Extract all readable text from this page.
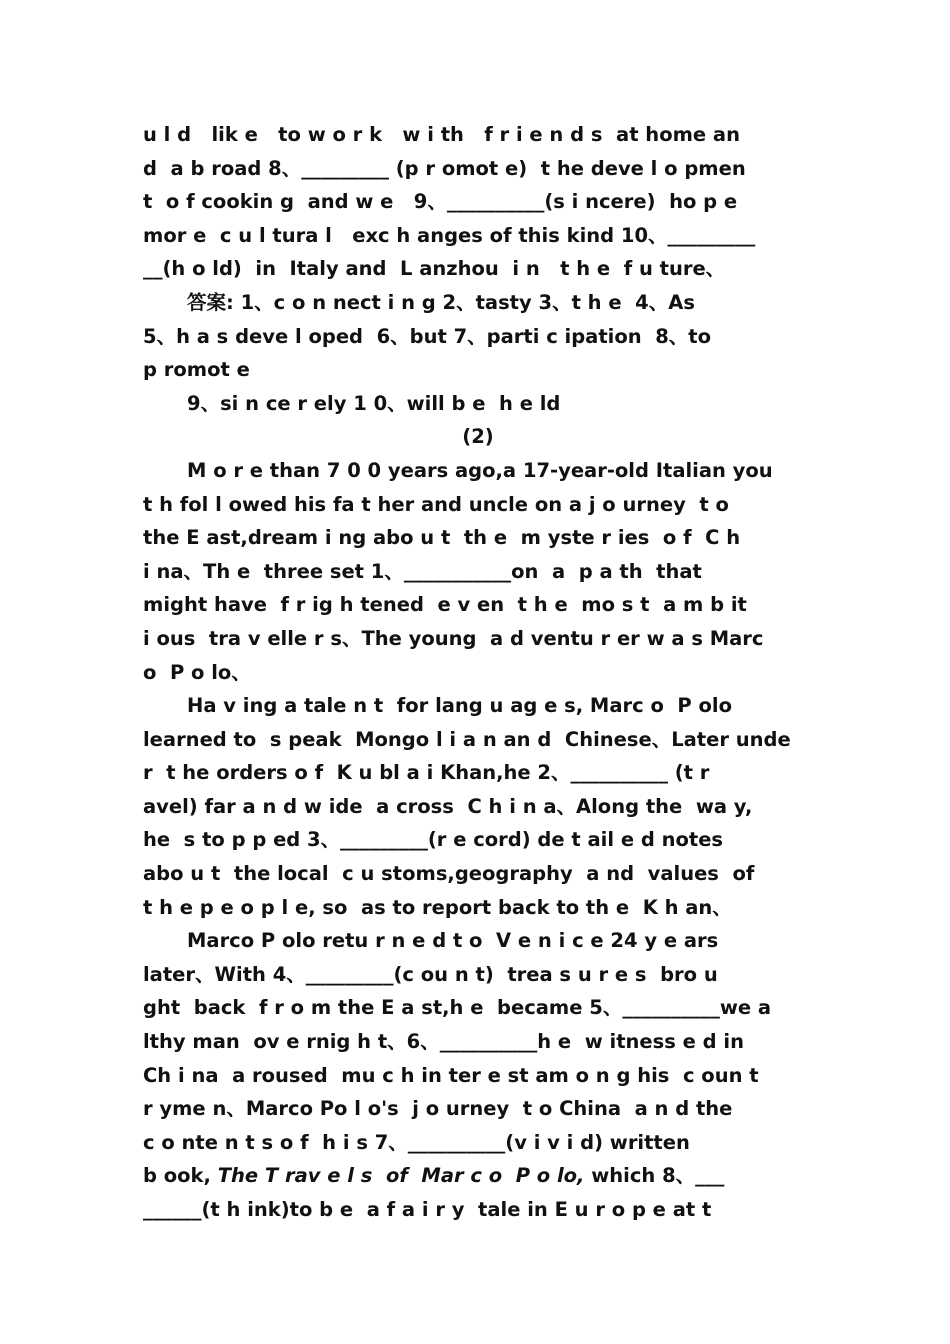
u l d   lik e   to w o r k   w i th   f r i e n d s  at home an
d  a b road 8、_________ (p r omot e)  t he deve l o pmen
t  o f cookin g  and w e   9、__________(s i ncere)  ho p e
mor e  c u l tura l   exc h anges of this kind 10、_________
__(h o ld)  in  Italy and  L anzhou  i n   t h e  f u ture、
答案: 1、c o n nect i n g 2、tasty 3、t h e  4、As
5、h a s deve l oped  6、but 7、parti c ipation  8、to
p romot e
9、si n ce r ely 1 0、will b e  h e ld
(2)
M o r e than 7 0 0 years ago,a 17-year-old Italian you
t h fol l owed his fa t her and uncle on a j o urney  t o
the E ast,dream i ng abo u t  th e  m yste r ies  o f  C h
i na、Th e  three set 1、___________on  a  p a th  that
might have  f r ig h tened  e v en  t h e  mo s t  a m b it
i ous  tra v elle r s、The young  a d ventu r er w a s Marc
o  P o lo、
Ha v ing a tale n t  for lang u ag e s, Marc o  P olo
learned to  s peak  Mongo l i a n an d  Chinese、Later unde
r  t he orders o f  K u bl a i Khan,he 2、__________ (t r
avel) far a n d w ide  a cross  C h i n a、Along the  wa y,
he  s to p p ed 3、_________(r e cord) de t ail e d notes
abo u t  the local  c u stoms,geography  a nd  values  of
t h e p e o p l e, so  as to report back to th e  K h an、
Marco P olo retu r n e d t o  V e n i c e 24 y e ars
later、With 4、_________(c ou n t)  trea s u r e s  bro u
ght  back  f r o m the E a st,h e  became 5、__________we a
lthy man  ov e rnig h t、6、__________h e  w itness e d in
Ch i na  a roused  mu c h in ter e st am o n g his  c oun t
r yme n、Marco Po l o's  j o urney  t o China  a n d the
c o nte n t s o f  h i s 7、__________(v i v i d) written
b ook, The T rav e l s  of  Mar c o  P o lo, which 8、___
______(t h ink)to b e  a f a i r y  tale in E u r o p e at t
